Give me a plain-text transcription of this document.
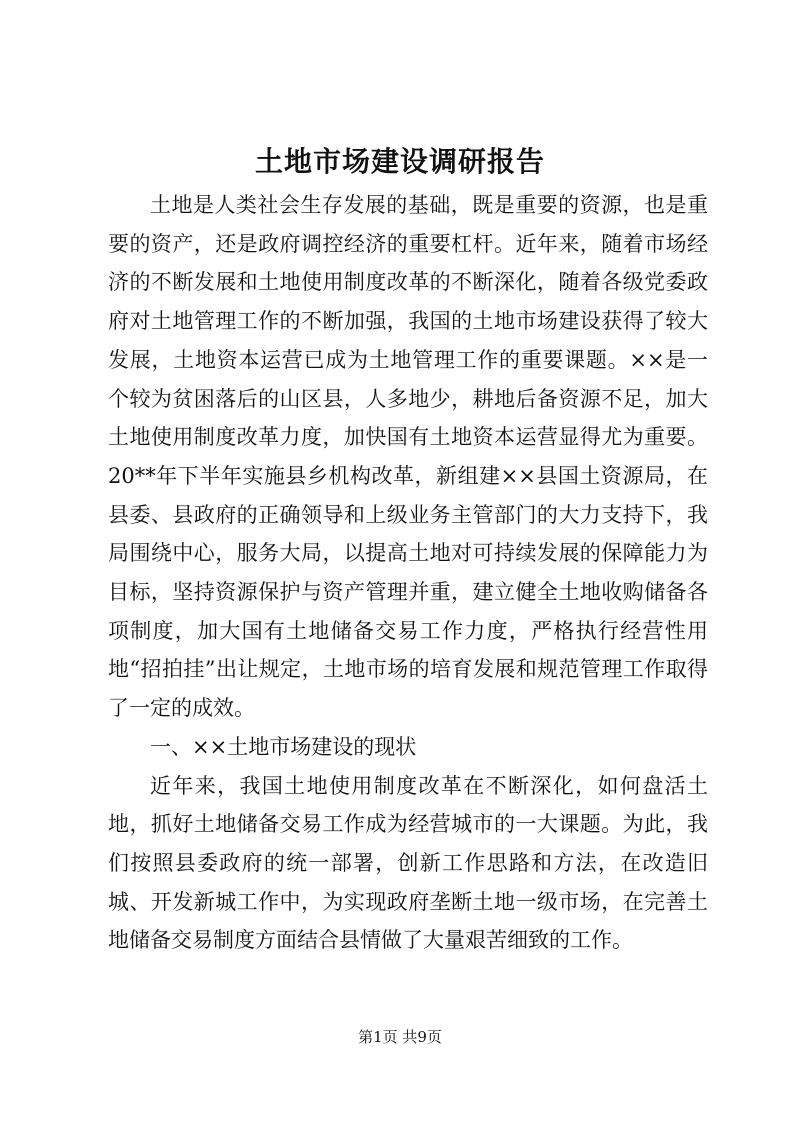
土地市场建设调研报告

土地是人类社会生存发展的基础，既是重要的资源，也是重要的资产，还是政府调控经济的重要杠杆。近年来，随着市场经济的不断发展和土地使用制度改革的不断深化，随着各级党委政府对土地管理工作的不断加强，我国的土地市场建设获得了较大发展，土地资本运营已成为土地管理工作的重要课题。××是一个较为贫困落后的山区县，人多地少，耕地后备资源不足，加大土地使用制度改革力度，加快国有土地资本运营显得尤为重要。20**年下半年实施县乡机构改革，新组建××县国土资源局，在县委、县政府的正确领导和上级业务主管部门的大力支持下，我局围绕中心，服务大局，以提高土地对可持续发展的保障能力为目标，坚持资源保护与资产管理并重，建立健全土地收购储备各项制度，加大国有土地储备交易工作力度，严格执行经营性用地“招拍挂”出让规定，土地市场的培育发展和规范管理工作取得了一定的成效。

一、××土地市场建设的现状

近年来，我国土地使用制度改革在不断深化，如何盘活土地，抓好土地储备交易工作成为经营城市的一大课题。为此，我们按照县委政府的统一部署，创新工作思路和方法，在改造旧城、开发新城工作中，为实现政府垄断土地一级市场，在完善土地储备交易制度方面结合县情做了大量艰苦细致的工作。

第1页 共9页
